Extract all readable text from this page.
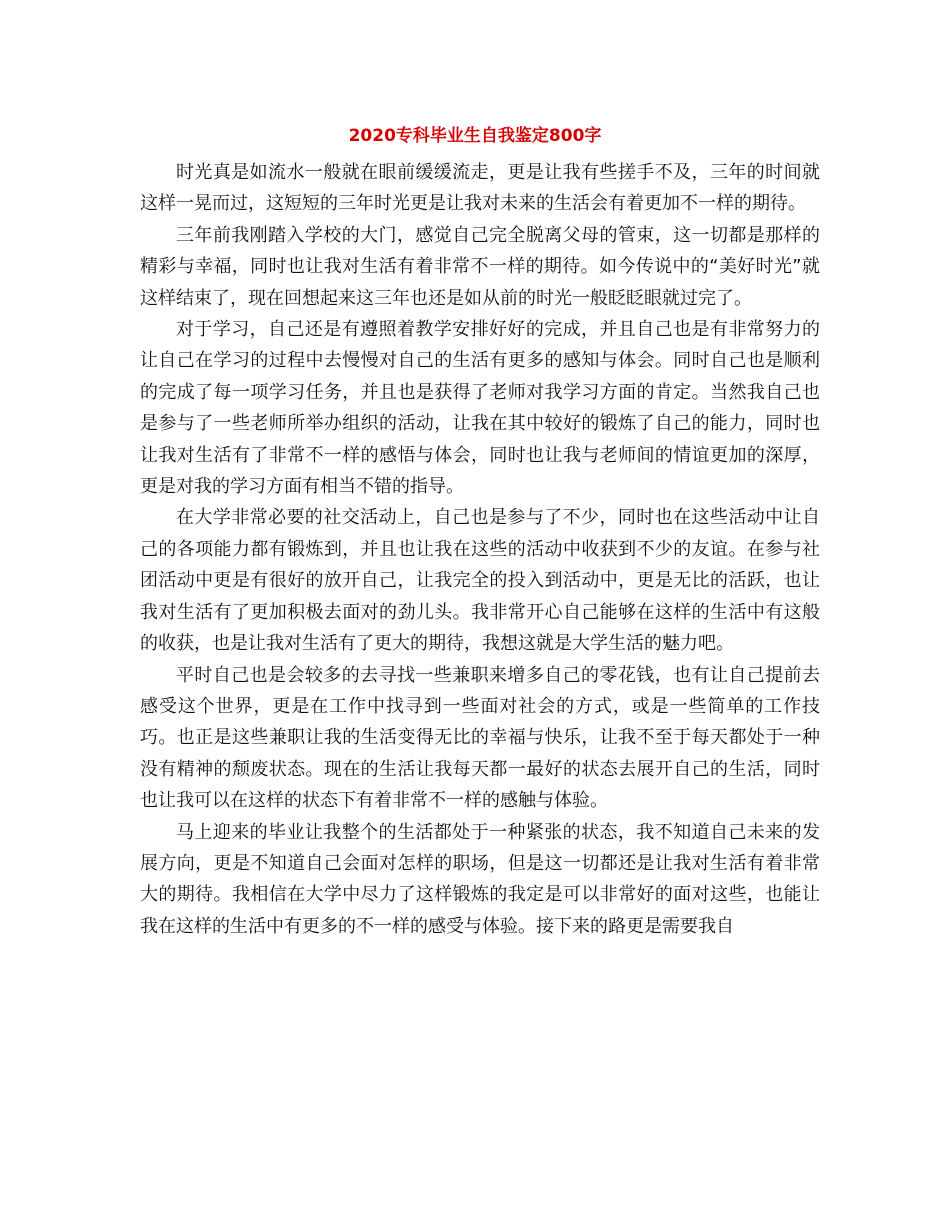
2020专科毕业生自我鉴定800字

时光真是如流水一般就在眼前缓缓流走，更是让我有些搓手不及，三年的时间就这样一晃而过，这短短的三年时光更是让我对未来的生活会有着更加不一样的期待。

三年前我刚踏入学校的大门，感觉自己完全脱离父母的管束，这一切都是那样的精彩与幸福，同时也让我对生活有着非常不一样的期待。如今传说中的“美好时光”就这样结束了，现在回想起来这三年也还是如从前的时光一般眨眨眼就过完了。

对于学习，自己还是有遵照着教学安排好好的完成，并且自己也是有非常努力的让自己在学习的过程中去慢慢对自己的生活有更多的感知与体会。同时自己也是顺利的完成了每一项学习任务，并且也是获得了老师对我学习方面的肯定。当然我自己也是参与了一些老师所举办组织的活动，让我在其中较好的锻炼了自己的能力，同时也让我对生活有了非常不一样的感悟与体会，同时也让我与老师间的情谊更加的深厚，更是对我的学习方面有相当不错的指导。

在大学非常必要的社交活动上，自己也是参与了不少，同时也在这些活动中让自己的各项能力都有锻炼到，并且也让我在这些的活动中收获到不少的友谊。在参与社团活动中更是有很好的放开自己，让我完全的投入到活动中，更是无比的活跃，也让我对生活有了更加积极去面对的劲儿头。我非常开心自己能够在这样的生活中有这般的收获，也是让我对生活有了更大的期待，我想这就是大学生活的魅力吧。

平时自己也是会较多的去寻找一些兼职来增多自己的零花钱，也有让自己提前去感受这个世界，更是在工作中找寻到一些面对社会的方式，或是一些简单的工作技巧。也正是这些兼职让我的生活变得无比的幸福与快乐，让我不至于每天都处于一种没有精神的颓废状态。现在的生活让我每天都一最好的状态去展开自己的生活，同时也让我可以在这样的状态下有着非常不一样的感触与体验。

马上迎来的毕业让我整个的生活都处于一种紧张的状态，我不知道自己未来的发展方向，更是不知道自己会面对怎样的职场，但是这一切都还是让我对生活有着非常大的期待。我相信在大学中尽力了这样锻炼的我定是可以非常好的面对这些，也能让我在这样的生活中有更多的不一样的感受与体验。接下来的路更是需要我自
